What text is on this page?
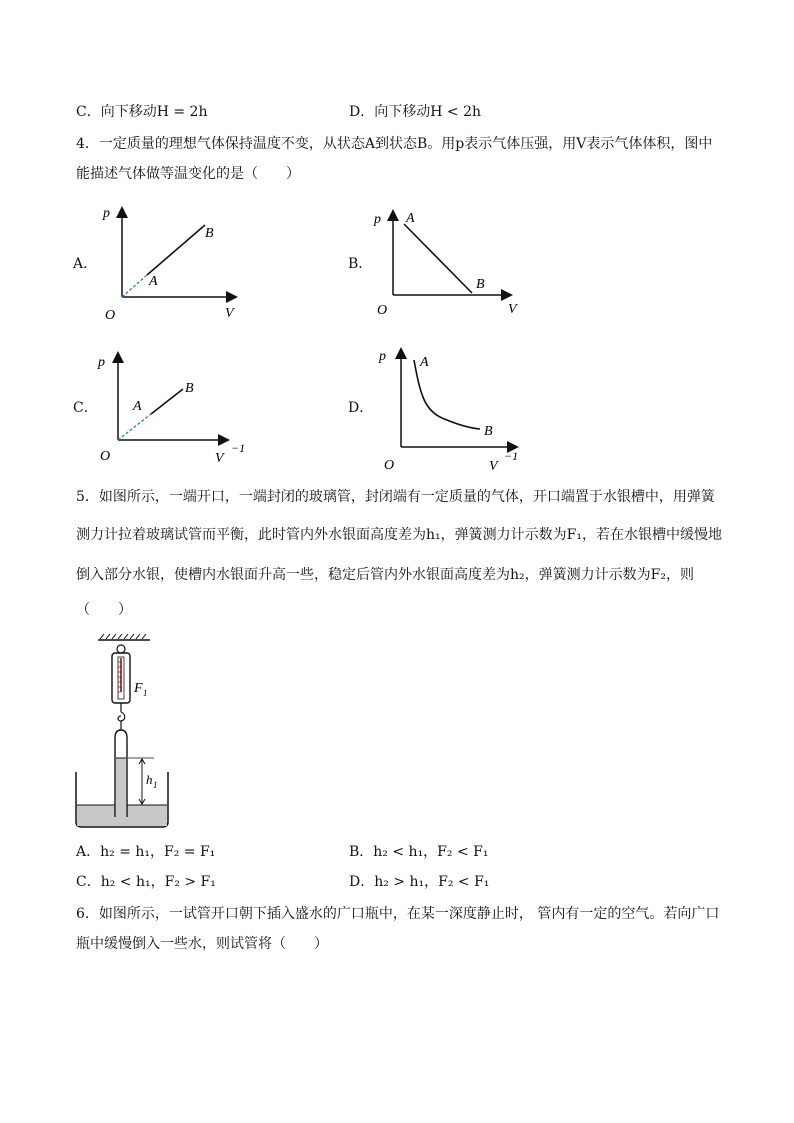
C．向下移动H = 2h	D．向下移动H < 2h
4．一定质量的理想气体保持温度不变，从状态A到状态B。用p表示气体压强，用V表示气体体积，图中
能描述气体做等温变化的是（　　）
A．
p
V
O
A
B
B．
p A
B
O	V
C．
p
A
B
O	V
−1
D．
p A
B
O	V
−1
5．如图所示，一端开口，一端封闭的玻璃管，封闭端有一定质量的气体，开口端置于水银槽中，用弹簧
测力计拉着玻璃试管而平衡，此时管内外水银面高度差为h₁，弹簧测力计示数为F₁，若在水银槽中缓慢地
倒入部分水银，使槽内水银面升高一些，稳定后管内外水银面高度差为h₂，弹簧测力计示数为F₂，则
（　　）
F 1
h 1
A．h₂ = h₁，F₂ = F₁	B．h₂ < h₁，F₂ < F₁
C．h₂ < h₁，F₂ > F₁	D．h₂ > h₁，F₂ < F₁
6．如图所示，一试管开口朝下插入盛水的广口瓶中，在某一深度静止时， 管内有一定的空气。若向广口
瓶中缓慢倒入一些水，则试管将（　　）
